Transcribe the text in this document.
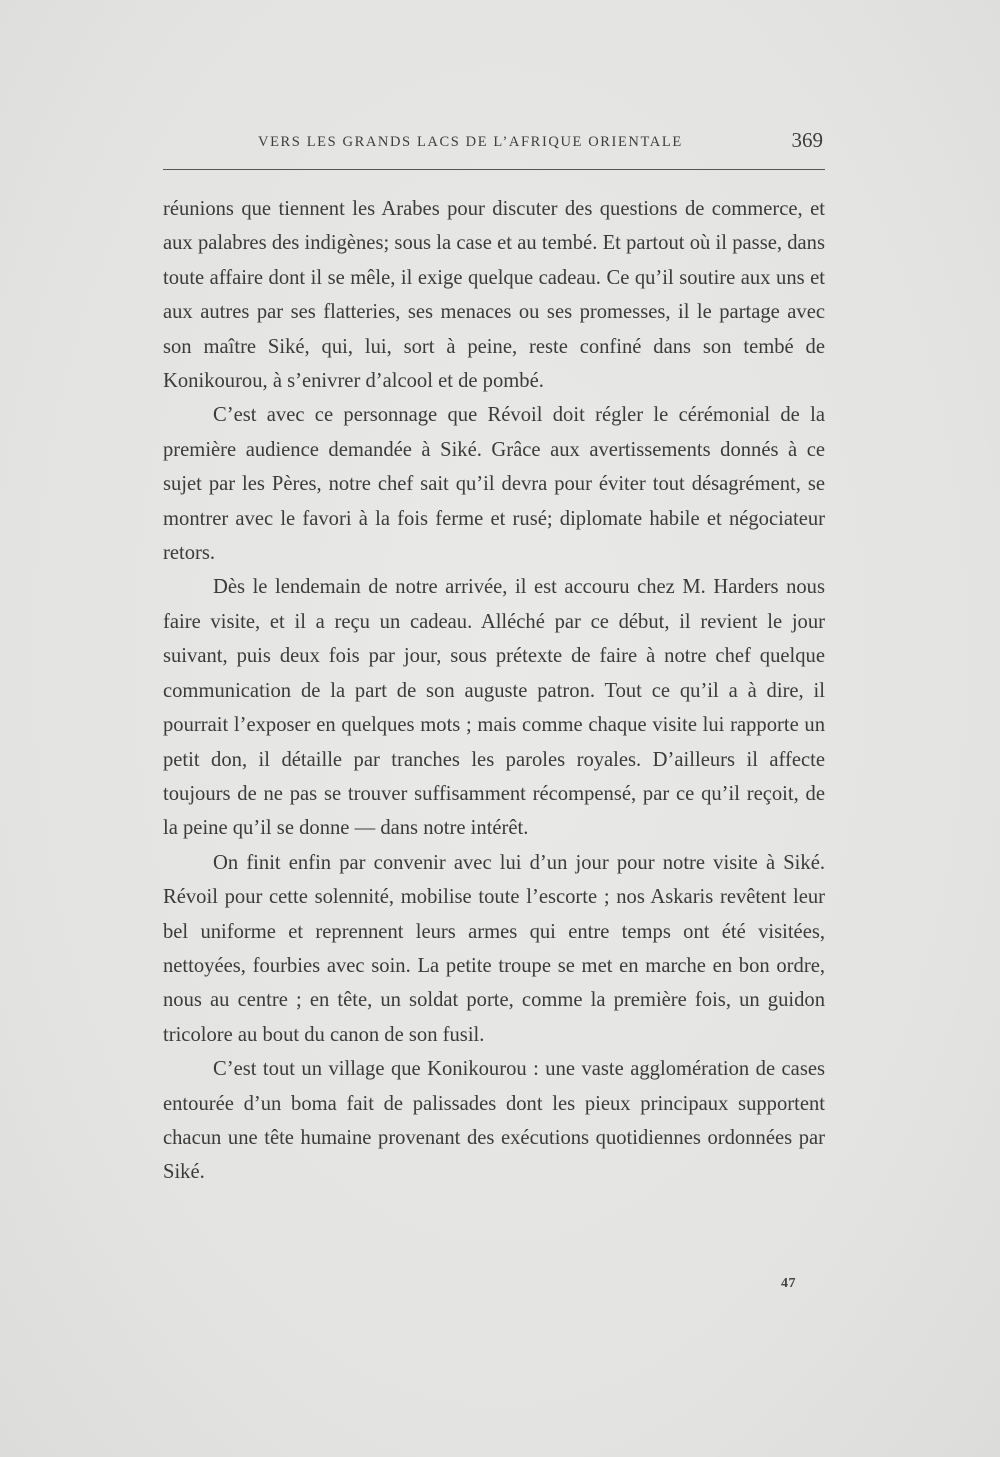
VERS LES GRANDS LACS DE L’AFRIQUE ORIENTALE	369

réunions que tiennent les Arabes pour discuter des questions de commerce, et aux palabres des indigènes; sous la case et au tembé. Et partout où il passe, dans toute affaire dont il se mêle, il exige quelque cadeau. Ce qu’il soutire aux uns et aux autres par ses flatteries, ses menaces ou ses promesses, il le partage avec son maître Siké, qui, lui, sort à peine, reste confiné dans son tembé de Konikourou, à s’enivrer d’alcool et de pombé.

C’est avec ce personnage que Révoil doit régler le cérémonial de la première audience demandée à Siké. Grâce aux avertissements donnés à ce sujet par les Pères, notre chef sait qu’il devra pour éviter tout désagrément, se montrer avec le favori à la fois ferme et rusé; diplomate habile et négociateur retors.

Dès le lendemain de notre arrivée, il est accouru chez M. Harders nous faire visite, et il a reçu un cadeau. Alléché par ce début, il revient le jour suivant, puis deux fois par jour, sous prétexte de faire à notre chef quelque communication de la part de son auguste patron. Tout ce qu’il a à dire, il pourrait l’exposer en quelques mots ; mais comme chaque visite lui rapporte un petit don, il détaille par tranches les paroles royales. D’ailleurs il affecte toujours de ne pas se trouver suffisamment récompensé, par ce qu’il reçoit, de la peine qu’il se donne — dans notre intérêt.

On finit enfin par convenir avec lui d’un jour pour notre visite à Siké. Révoil pour cette solennité, mobilise toute l’escorte ; nos Askaris revêtent leur bel uniforme et reprennent leurs armes qui entre temps ont été visitées, nettoyées, fourbies avec soin. La petite troupe se met en marche en bon ordre, nous au centre ; en tête, un soldat porte, comme la première fois, un guidon tricolore au bout du canon de son fusil.

C’est tout un village que Konikourou : une vaste agglomération de cases entourée d’un boma fait de palissades dont les pieux principaux supportent chacun une tête humaine provenant des exécutions quotidiennes ordonnées par Siké.

47
